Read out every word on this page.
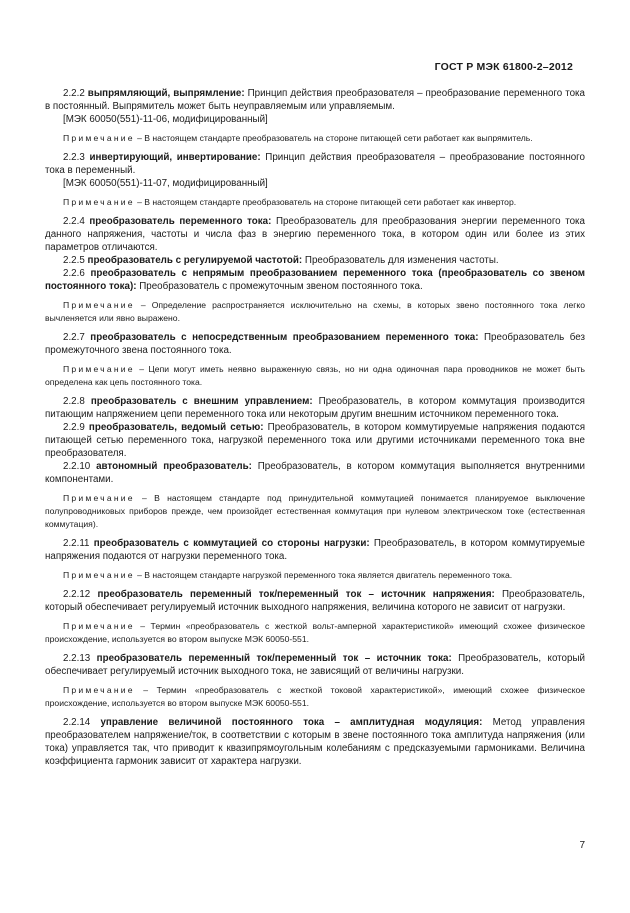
ГОСТ Р МЭК 61800-2–2012

2.2.2 выпрямляющий, выпрямление: Принцип действия преобразователя – преобразование переменного тока в постоянный. Выпрямитель может быть неуправляемым или управляемым.

[МЭК 60050(551)-11-06, модифицированный]

Примечание – В настоящем стандарте преобразователь на стороне питающей сети работает как выпрямитель.

2.2.3 инвертирующий, инвертирование: Принцип действия преобразователя – преобразование постоянного тока в переменный.

[МЭК 60050(551)-11-07, модифицированный]

Примечание – В настоящем стандарте преобразователь на стороне питающей сети работает как инвертор.

2.2.4 преобразователь переменного тока: Преобразователь для преобразования энергии переменного тока данного напряжения, частоты и числа фаз в энергию переменного тока, в котором один или более из этих параметров отличаются.

2.2.5 преобразователь с регулируемой частотой: Преобразователь для изменения частоты.

2.2.6 преобразователь с непрямым преобразованием переменного тока (преобразователь со звеном постоянного тока): Преобразователь с промежуточным звеном постоянного тока.

Примечание – Определение распространяется исключительно на схемы, в которых звено постоянного тока легко вычленяется или явно выражено.

2.2.7 преобразователь с непосредственным преобразованием переменного тока: Преобразователь без промежуточного звена постоянного тока.

Примечание – Цепи могут иметь неявно выраженную связь, но ни одна одиночная пара проводников не может быть определена как цепь постоянного тока.

2.2.8 преобразователь с внешним управлением: Преобразователь, в котором коммутация производится питающим напряжением цепи переменного тока или некоторым другим внешним источником переменного тока.

2.2.9 преобразователь, ведомый сетью: Преобразователь, в котором коммутируемые напряжения подаются питающей сетью переменного тока, нагрузкой переменного тока или другими источниками переменного тока вне преобразователя.

2.2.10 автономный преобразователь: Преобразователь, в котором коммутация выполняется внутренними компонентами.

Примечание – В настоящем стандарте под принудительной коммутацией понимается планируемое выключение полупроводниковых приборов прежде, чем произойдет естественная коммутация при нулевом электрическом токе (естественная коммутация).

2.2.11 преобразователь с коммутацией со стороны нагрузки: Преобразователь, в котором коммутируемые напряжения подаются от нагрузки переменного тока.

Примечание – В настоящем стандарте нагрузкой переменного тока является двигатель переменного тока.

2.2.12 преобразователь переменный ток/переменный ток – источник напряжения: Преобразователь, который обеспечивает регулируемый источник выходного напряжения, величина которого не зависит от нагрузки.

Примечание – Термин «преобразователь с жесткой вольт-амперной характеристикой» имеющий схожее физическое происхождение, используется во втором выпуске МЭК 60050-551.

2.2.13 преобразователь переменный ток/переменный ток – источник тока: Преобразователь, который обеспечивает регулируемый источник выходного тока, не зависящий от величины нагрузки.

Примечание – Термин «преобразователь с жесткой токовой характеристикой», имеющий схожее физическое происхождение, используется во втором выпуске МЭК 60050-551.

2.2.14 управление величиной постоянного тока – амплитудная модуляция: Метод управления преобразователем напряжение/ток, в соответствии с которым в звене постоянного тока амплитуда напряжения (или тока) управляется так, что приводит к квазипрямоугольным колебаниям с предсказуемыми гармониками. Величина коэффициента гармоник зависит от характера нагрузки.

7
